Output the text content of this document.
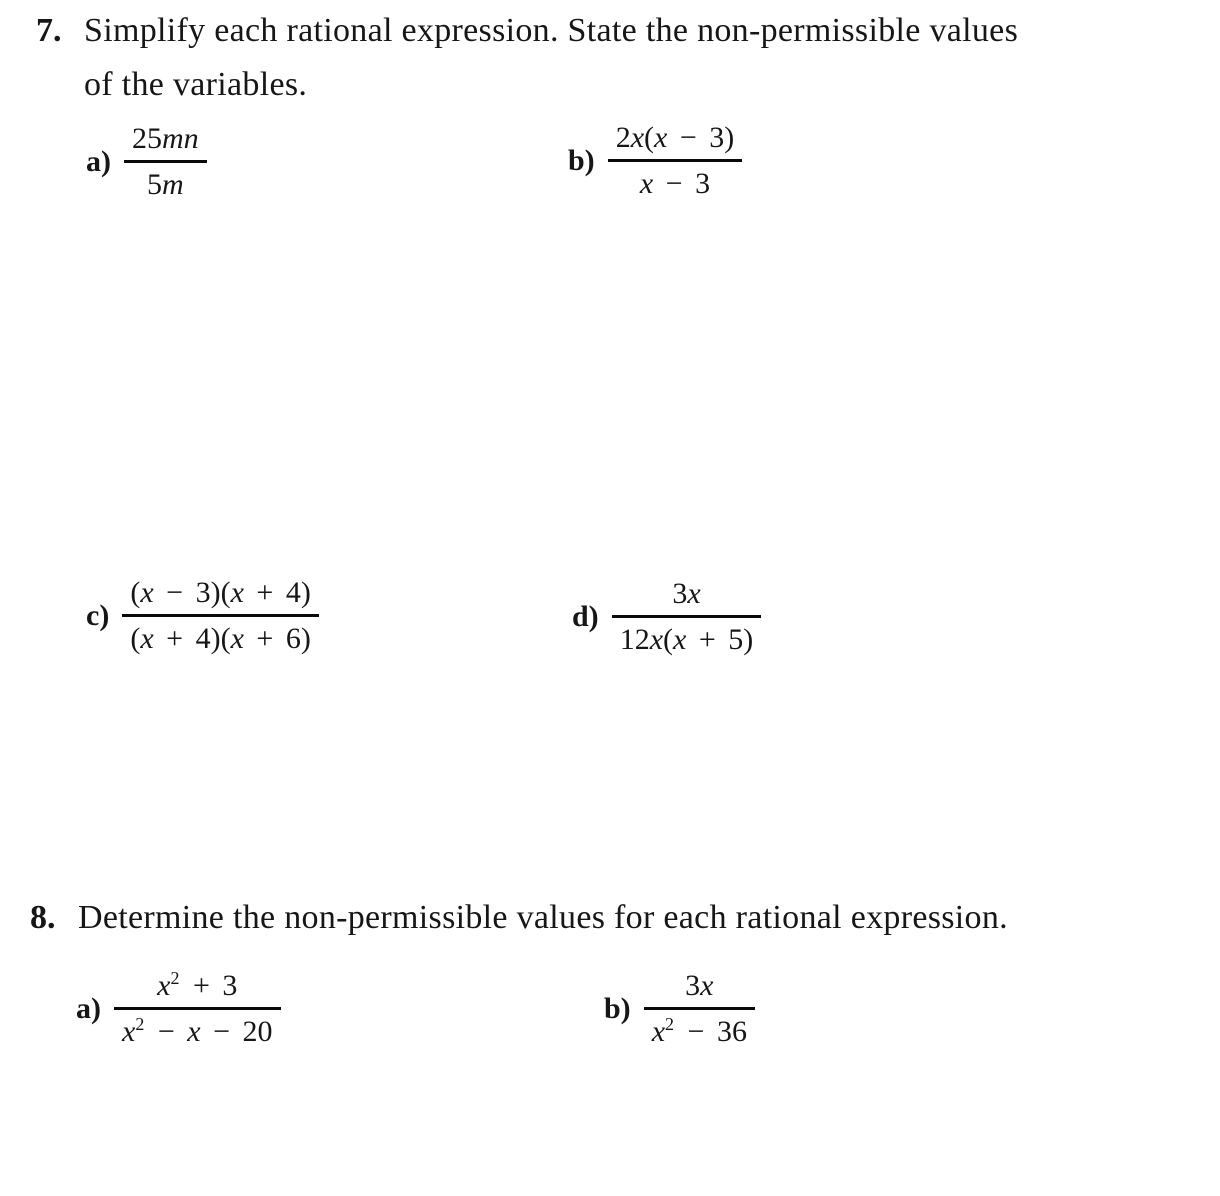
7. Simplify each rational expression. State the non-permissible values
of the variables.
$a) \frac{25mn}{5m}$	$b) \frac{2x(x - 3)}{x - 3}$
$c) \frac{(x - 3)(x + 4)}{(x + 4)(x + 6)}$	$d) \frac{3x}{12x(x + 5)}$
8. Determine the non-permissible values for each rational expression.
$a) \frac{x^2 + 3}{x^2 - x - 20}$	$b) \frac{3x}{x^2 - 36}$
